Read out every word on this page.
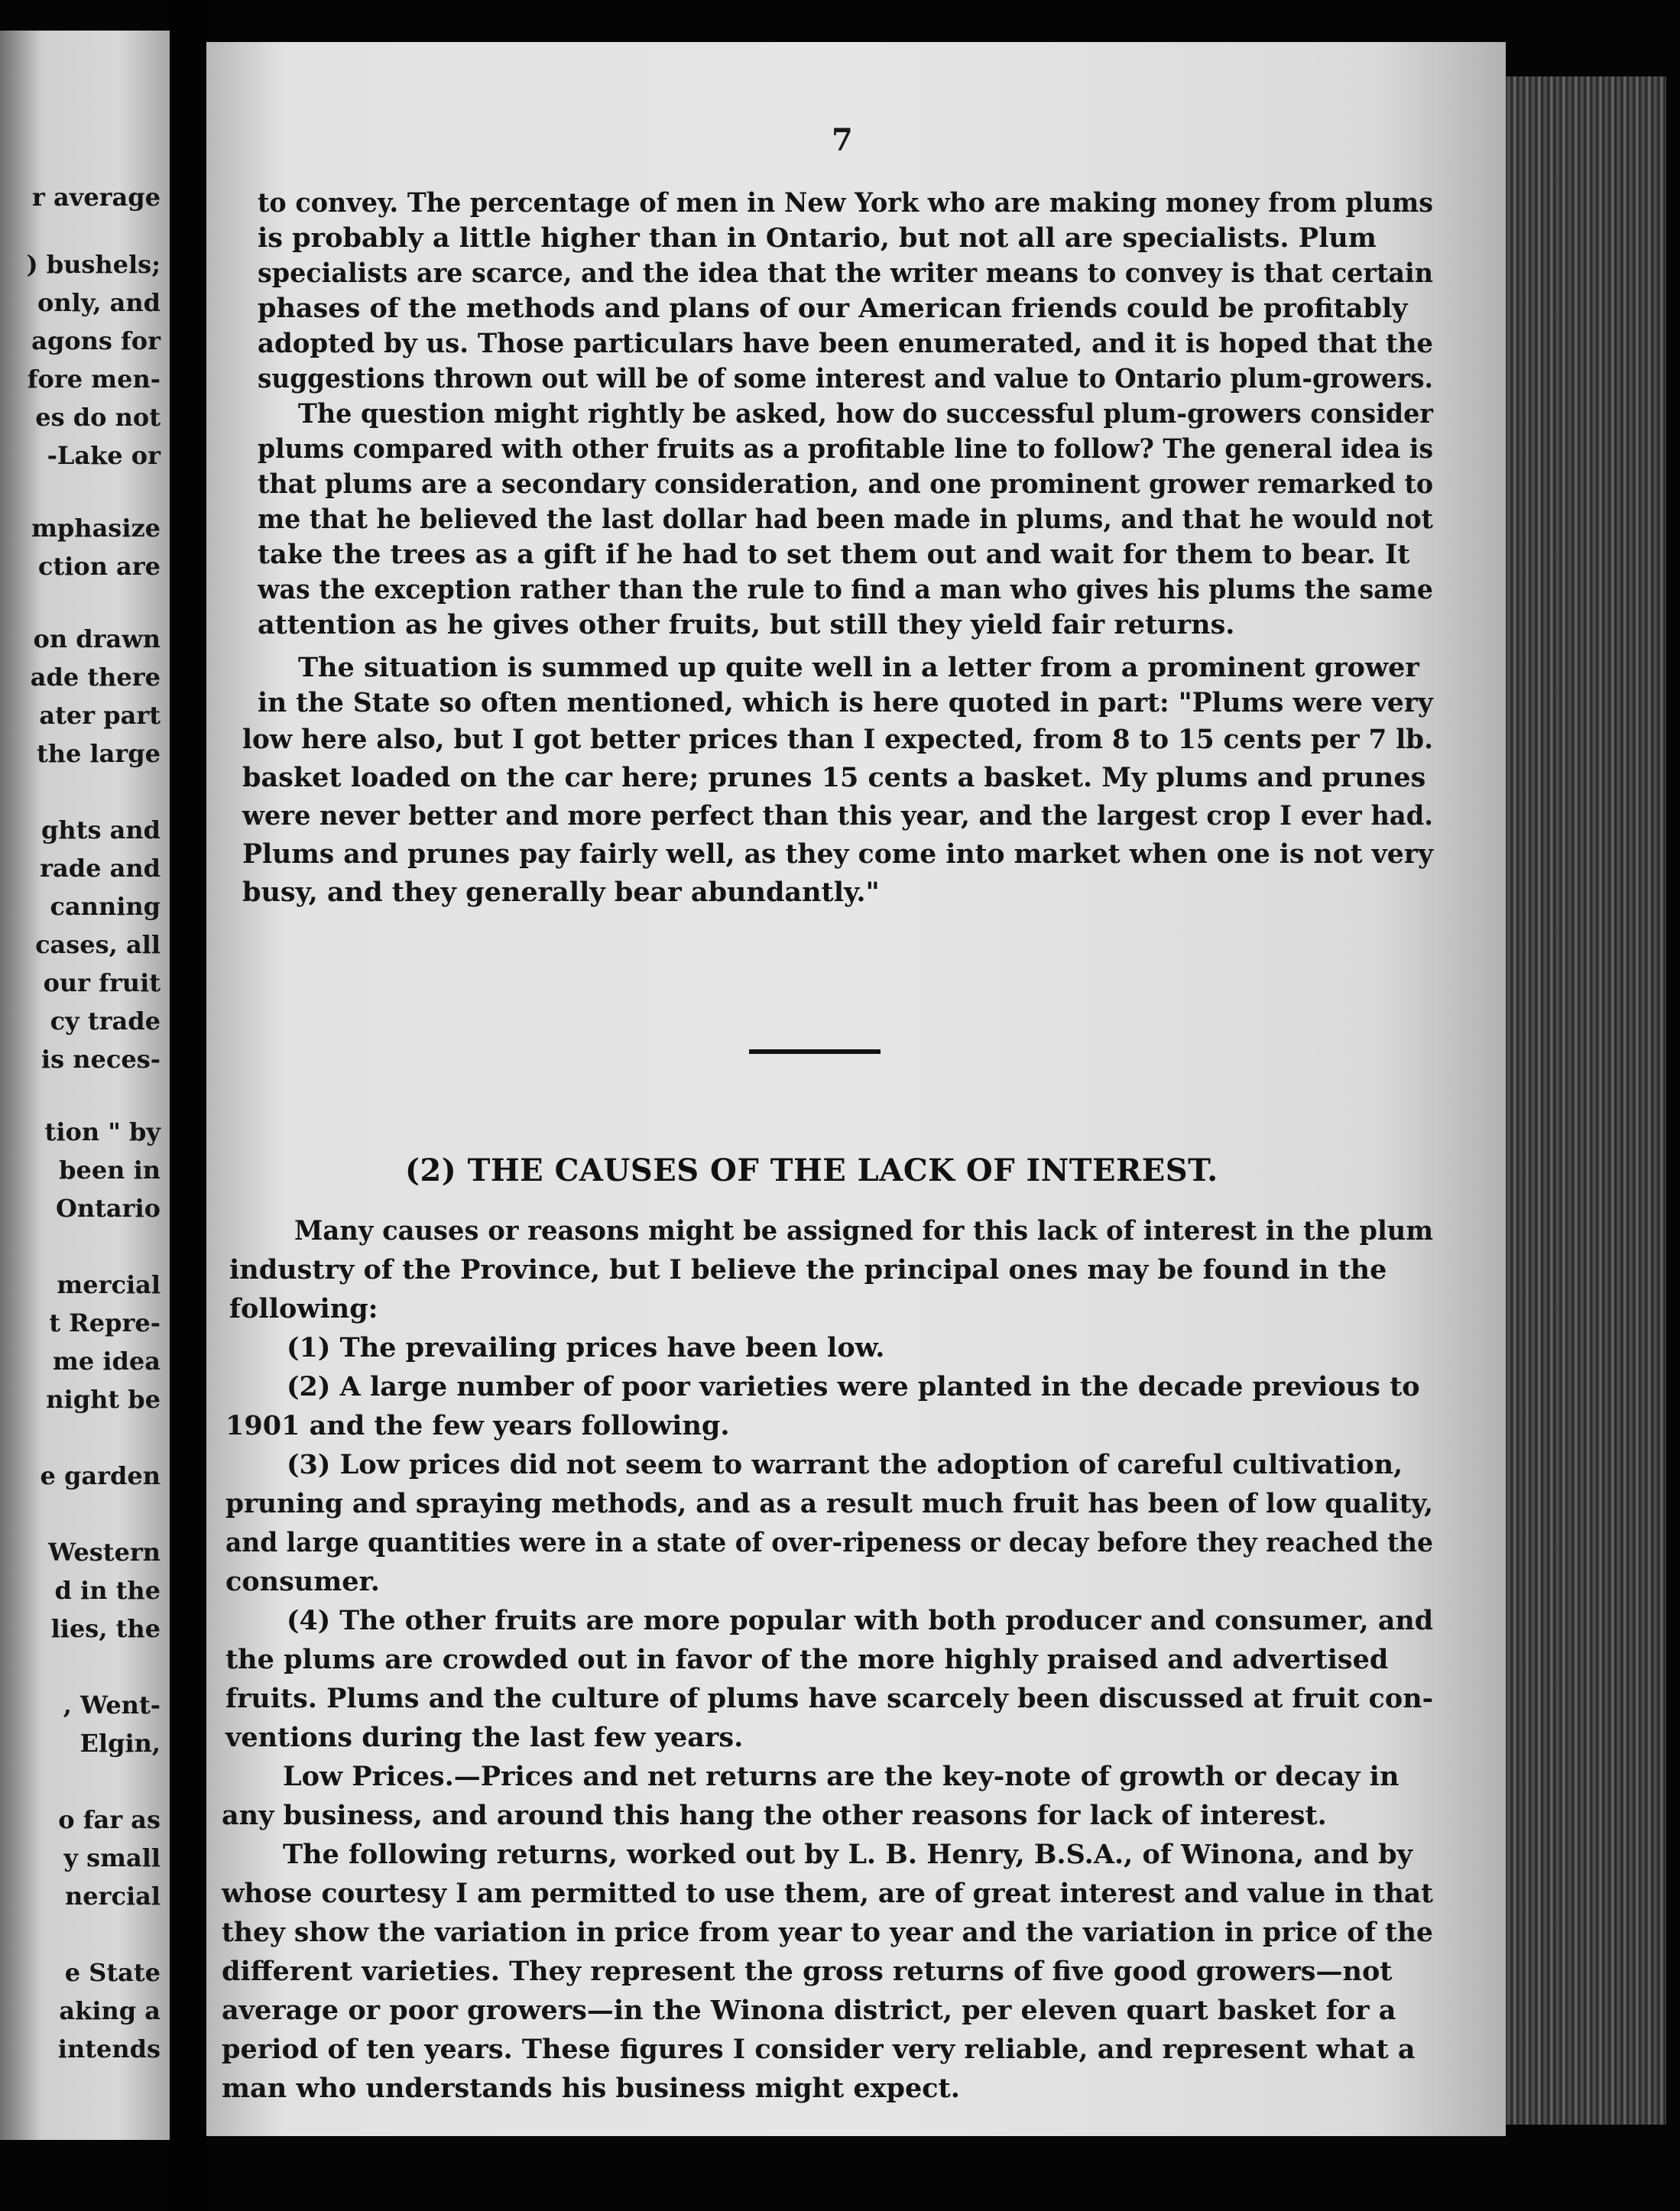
r average

) bushels;

only, and

agons for

fore men-

es do not

-Lake or

mphasize

ction are

on drawn

ade there

ater part

the large

ghts and

rade and

canning

cases, all

our fruit

cy trade

is neces-

tion " by

been in

Ontario

mercial

t Repre-

me idea

night be

e garden

Western

d in the

lies, the

, Went-

Elgin,

o far as

y small

nercial

e State

aking a

intends

7

to convey. The percentage of men in New York who are making money from plums

is probably a little higher than in Ontario, but not all are specialists. Plum

specialists are scarce, and the idea that the writer means to convey is that certain

phases of the methods and plans of our American friends could be profitably

adopted by us. Those particulars have been enumerated, and it is hoped that the

suggestions thrown out will be of some interest and value to Ontario plum-growers.

The question might rightly be asked, how do successful plum-growers consider

plums compared with other fruits as a profitable line to follow? The general idea is

that plums are a secondary consideration, and one prominent grower remarked to

me that he believed the last dollar had been made in plums, and that he would not

take the trees as a gift if he had to set them out and wait for them to bear. It

was the exception rather than the rule to find a man who gives his plums the same

attention as he gives other fruits, but still they yield fair returns.

The situation is summed up quite well in a letter from a prominent grower

in the State so often mentioned, which is here quoted in part: "Plums were very

low here also, but I got better prices than I expected, from 8 to 15 cents per 7 lb.

basket loaded on the car here; prunes 15 cents a basket. My plums and prunes

were never better and more perfect than this year, and the largest crop I ever had.

Plums and prunes pay fairly well, as they come into market when one is not very

busy, and they generally bear abundantly."

(2) THE CAUSES OF THE LACK OF INTEREST.

Many causes or reasons might be assigned for this lack of interest in the plum

industry of the Province, but I believe the principal ones may be found in the

following:

(1) The prevailing prices have been low.

(2) A large number of poor varieties were planted in the decade previous to

1901 and the few years following.

(3) Low prices did not seem to warrant the adoption of careful cultivation,

pruning and spraying methods, and as a result much fruit has been of low quality,

and large quantities were in a state of over-ripeness or decay before they reached the

consumer.

(4) The other fruits are more popular with both producer and consumer, and

the plums are crowded out in favor of the more highly praised and advertised

fruits. Plums and the culture of plums have scarcely been discussed at fruit con-

ventions during the last few years.

Low Prices.—Prices and net returns are the key-note of growth or decay in

any business, and around this hang the other reasons for lack of interest.

The following returns, worked out by L. B. Henry, B.S.A., of Winona, and by

whose courtesy I am permitted to use them, are of great interest and value in that

they show the variation in price from year to year and the variation in price of the

different varieties. They represent the gross returns of five good growers—not

average or poor growers—in the Winona district, per eleven quart basket for a

period of ten years. These figures I consider very reliable, and represent what a

man who understands his business might expect.
